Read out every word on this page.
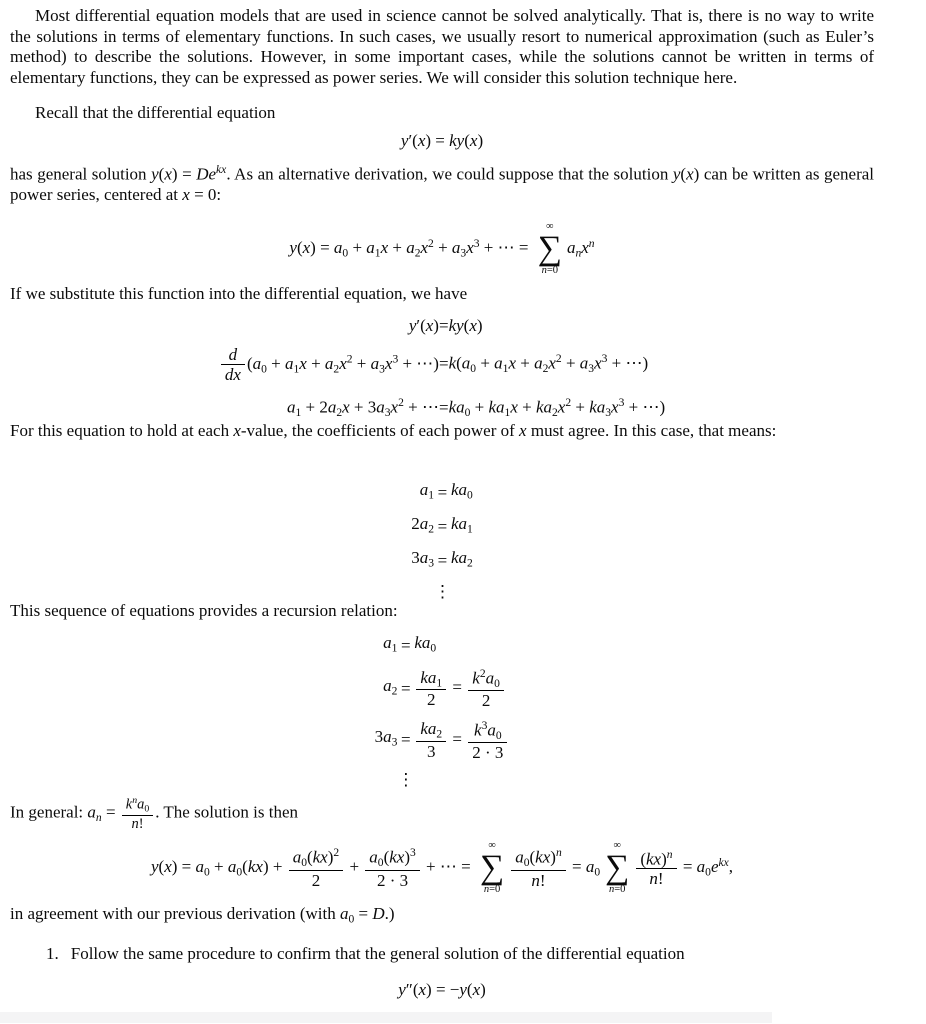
Most differential equation models that are used in science cannot be solved analytically. That is, there is no way to write the solutions in terms of elementary functions. In such cases, we usually resort to numerical approximation (such as Euler’s method) to describe the solutions. However, in some important cases, while the solutions cannot be written in terms of elementary functions, they can be expressed as power series. We will consider this solution technique here.

Recall that the differential equation

y′(x) = ky(x)

has general solution $y(x) = De^{kx}$. As an alternative derivation, we could suppose that the solution y(x) can be written as general power series, centered at x = 0:

$y(x) = a_0 + a_1x + a_2x^2 + a_3x^3$ + ⋯ =
∞
∑
n=0
$a_nx^n$

If we substitute this function into the differential equation, we have

y′(x)	=	ky(x)

$\frac{d}{dx} (a_0 + a_1x + a_2x^2 + a_3x^3$ + ⋯)	=	$k(a_0 + a_1x + a_2x^2 + a_3x^3$ + ⋯)
$a_1 + 2a_2x + 3a_3x^2$ + ⋯	=	$ka_0 + ka_1x + ka_2x^2 + ka_3x^3$ + ⋯)

For this equation to hold at each x-value, the coefficients of each power of x must agree. In this case, that means:

$a_1$	=	$ka_0$
$2a_2$	=	$ka_1$
$3a_3$	=	$ka_2$
	⋮	

This sequence of equations provides a recursion relation:

$a_1$	=	$ka_0$
$a_2$	=	$\frac{ka_1}{2} = \frac{k^2a_0}{2}$

$3a_3$	=	$\frac{ka_2}{3} = \frac{k^3a_0}{2 \cdot 3}$

	⋮	

In general: $a_n = \frac{k^na_0}{n!}$ . The solution is then

$y(x) = a_0 + a_0(kx) + \frac{a_0(kx)^2}{2} + \frac{a_0(kx)^3}{2 \cdot 3}$ + ⋯ =
∞
∑
$n=0 \frac{a_0(kx)^n}{n!} = a_0$
∞
∑
n=0
$\frac{(kx)^n}{n!} = a_0e^{kx}$,

in agreement with our previous derivation (with $a_0 = D$.)

1. Follow the same procedure to confirm that the general solution of the differential equation

y″(x) = −y(x)
